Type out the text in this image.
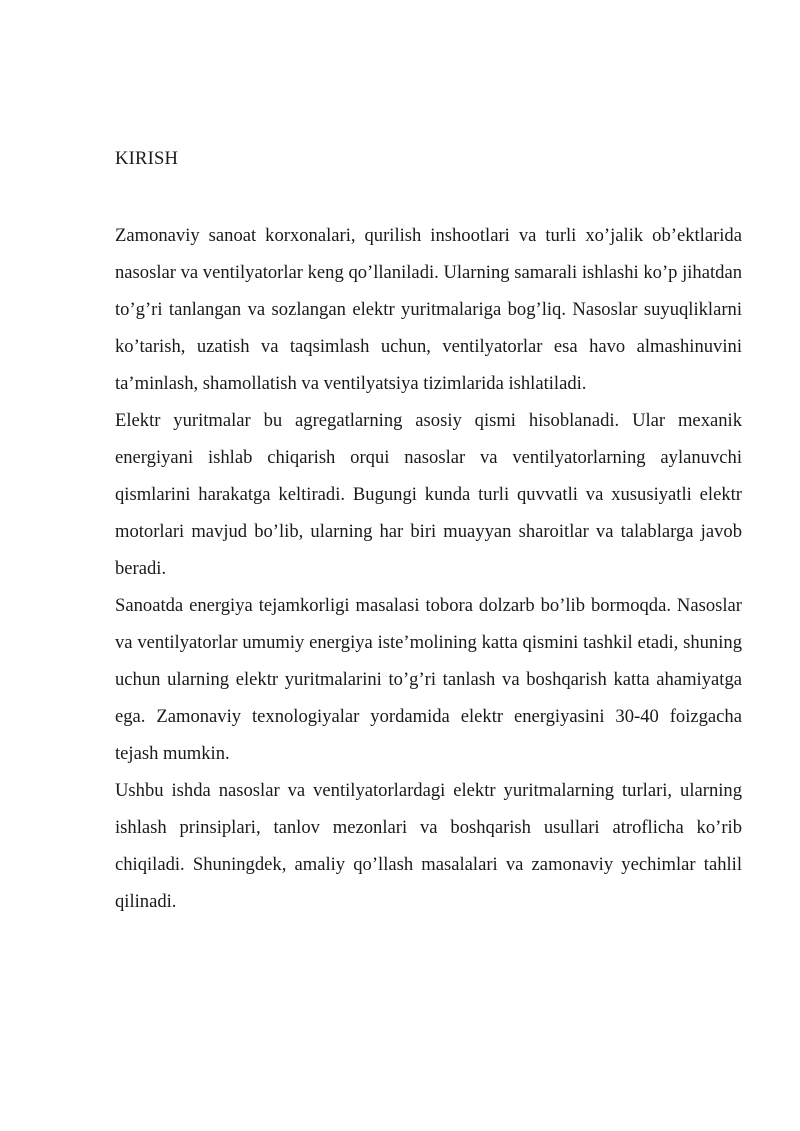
KIRISH

Zamonaviy sanoat korxonalari, qurilish inshootlari va turli xo’jalik ob’ektlarida nasoslar va ventilyatorlar keng qo’llaniladi. Ularning samarali ishlashi ko’p jihatdan to’g’ri tanlangan va sozlangan elektr yuritmalariga bog’liq. Nasoslar suyuqliklarni ko’tarish, uzatish va taqsimlash uchun, ventilyatorlar esa havo almashinuvini ta’minlash, shamollatish va ventilyatsiya tizimlarida ishlatiladi.

Elektr yuritmalar bu agregatlarning asosiy qismi hisoblanadi. Ular mexanik energiyani ishlab chiqarish orqui nasoslar va ventilyatorlarning aylanuvchi qismlarini harakatga keltiradi. Bugungi kunda turli quvvatli va xususiyatli elektr motorlari mavjud bo’lib, ularning har biri muayyan sharoitlar va talablarga javob beradi.

Sanoatda energiya tejamkorligi masalasi tobora dolzarb bo’lib bormoqda. Nasoslar va ventilyatorlar umumiy energiya iste’molining katta qismini tashkil etadi, shuning uchun ularning elektr yuritmalarini to’g’ri tanlash va boshqarish katta ahamiyatga ega. Zamonaviy texnologiyalar yordamida elektr energiyasini 30-40 foizgacha tejash mumkin.

Ushbu ishda nasoslar va ventilyatorlardagi elektr yuritmalarning turlari, ularning ishlash prinsiplari, tanlov mezonlari va boshqarish usullari atroflicha ko’rib chiqiladi. Shuningdek, amaliy qo’llash masalalari va zamonaviy yechimlar tahlil qilinadi.
